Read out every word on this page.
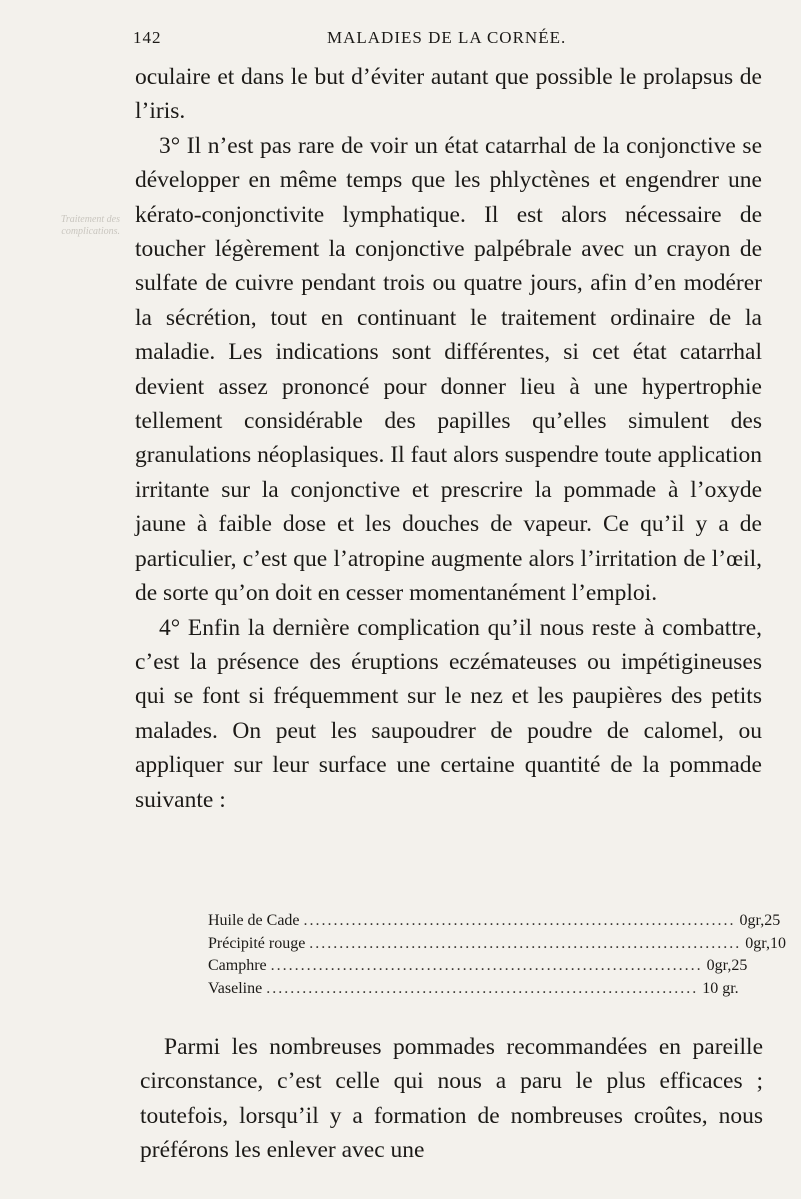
142	MALADIES DE LA CORNÉE.
Traitement des complications.

oculaire et dans le but d’éviter autant que possible le prolapsus de l’iris.

3° Il n’est pas rare de voir un état catarrhal de la conjonctive se développer en même temps que les phlyctènes et engendrer une kérato-conjonctivite lymphatique. Il est alors nécessaire de toucher légèrement la conjonctive palpébrale avec un crayon de sulfate de cuivre pendant trois ou quatre jours, afin d’en modérer la sécrétion, tout en continuant le traitement ordinaire de la maladie. Les indications sont différentes, si cet état catarrhal devient assez prononcé pour donner lieu à une hypertrophie tellement considérable des papilles qu’elles simulent des granulations néoplasiques. Il faut alors suspendre toute application irritante sur la conjonctive et prescrire la pommade à l’oxyde jaune à faible dose et les douches de vapeur. Ce qu’il y a de particulier, c’est que l’atropine augmente alors l’irritation de l’œil, de sorte qu’on doit en cesser momentanément l’emploi.

4° Enfin la dernière complication qu’il nous reste à combattre, c’est la présence des éruptions eczémateuses ou impétigineuses qui se font si fréquemment sur le nez et les paupières des petits malades. On peut les saupoudrer de poudre de calomel, ou appliquer sur leur surface une certaine quantité de la pommade suivante :

Huile de Cade ........................................................................ 0gr,25
Précipité rouge ........................................................................ 0gr,10
Camphre ........................................................................ 0gr,25
Vaseline ........................................................................ 10 gr.

Parmi les nombreuses pommades recommandées en pareille circonstance, c’est celle qui nous a paru le plus efficaces ; toutefois, lorsqu’il y a formation de nombreuses croûtes, nous préférons les enlever avec une
